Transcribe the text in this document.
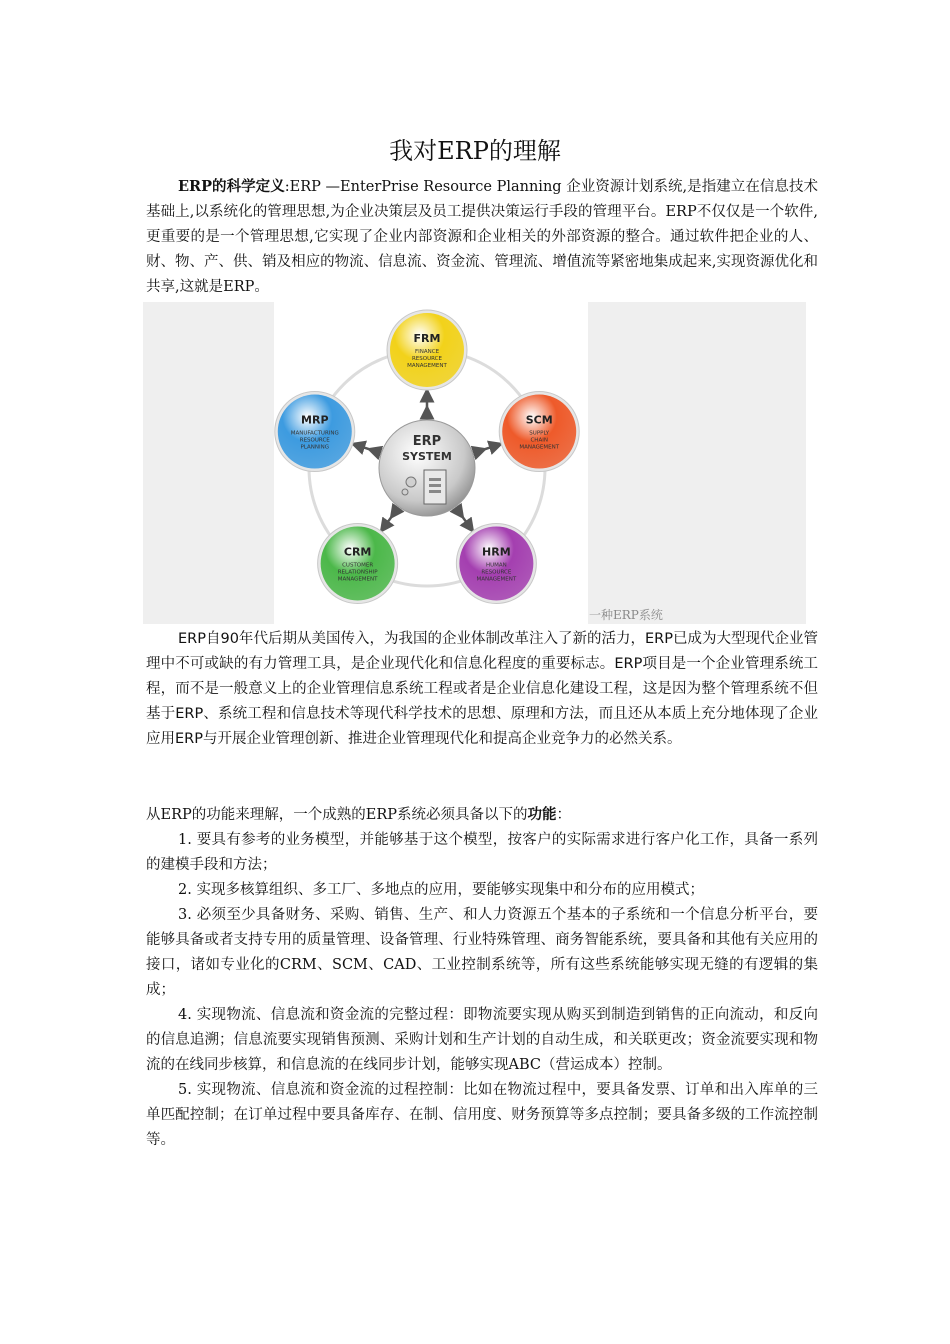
我对ERP的理解

ERP的科学定义:ERP —EnterPrise Resource Planning 企业资源计划系统,是指建立在信息技术基础上,以系统化的管理思想,为企业决策层及员工提供决策运行手段的管理平台。ERP不仅仅是一个软件,更重要的是一个管理思想,它实现了企业内部资源和企业相关的外部资源的整合。通过软件把企业的人、财、物、产、供、销及相应的物流、信息流、资金流、管理流、增值流等紧密地集成起来,实现资源优化和共享,这就是ERP。

FRM
FINANCE
RESOURCE
MANAGEMENT
SCM
SUPPLY
CHAIN
MANAGEMENT
HRM
HUMAN
RESOURCE
MANAGEMENT
CRM
CUSTOMER
RELATIONSHIP
MANAGEMENT
MRP
MANUFACTURING
RESOURCE
PLANNING	ERP
SYSTEM
一种ERP系统

ERP自90年代后期从美国传入，为我国的企业体制改革注入了新的活力，ERP已成为大型现代企业管理中不可或缺的有力管理工具，是企业现代化和信息化程度的重要标志。ERP项目是一个企业管理系统工程，而不是一般意义上的企业管理信息系统工程或者是企业信息化建设工程，这是因为整个管理系统不但基于ERP、系统工程和信息技术等现代科学技术的思想、原理和方法，而且还从本质上充分地体现了企业应用ERP与开展企业管理创新、推进企业管理现代化和提高企业竞争力的必然关系。

从ERP的功能来理解，一个成熟的ERP系统必须具备以下的功能：

1. 要具有参考的业务模型，并能够基于这个模型，按客户的实际需求进行客户化工作，具备一系列的建模手段和方法；

2. 实现多核算组织、多工厂、多地点的应用，要能够实现集中和分布的应用模式；

3. 必须至少具备财务、采购、销售、生产、和人力资源五个基本的子系统和一个信息分析平台，要能够具备或者支持专用的质量管理、设备管理、行业特殊管理、商务智能系统，要具备和其他有关应用的接口，诸如专业化的CRM、SCM、CAD、工业控制系统等，所有这些系统能够实现无缝的有逻辑的集成；

4. 实现物流、信息流和资金流的完整过程：即物流要实现从购买到制造到销售的正向流动，和反向的信息追溯；信息流要实现销售预测、采购计划和生产计划的自动生成，和关联更改；资金流要实现和物流的在线同步核算，和信息流的在线同步计划，能够实现ABC（营运成本）控制。

5. 实现物流、信息流和资金流的过程控制：比如在物流过程中，要具备发票、订单和出入库单的三单匹配控制；在订单过程中要具备库存、在制、信用度、财务预算等多点控制；要具备多级的工作流控制等。
